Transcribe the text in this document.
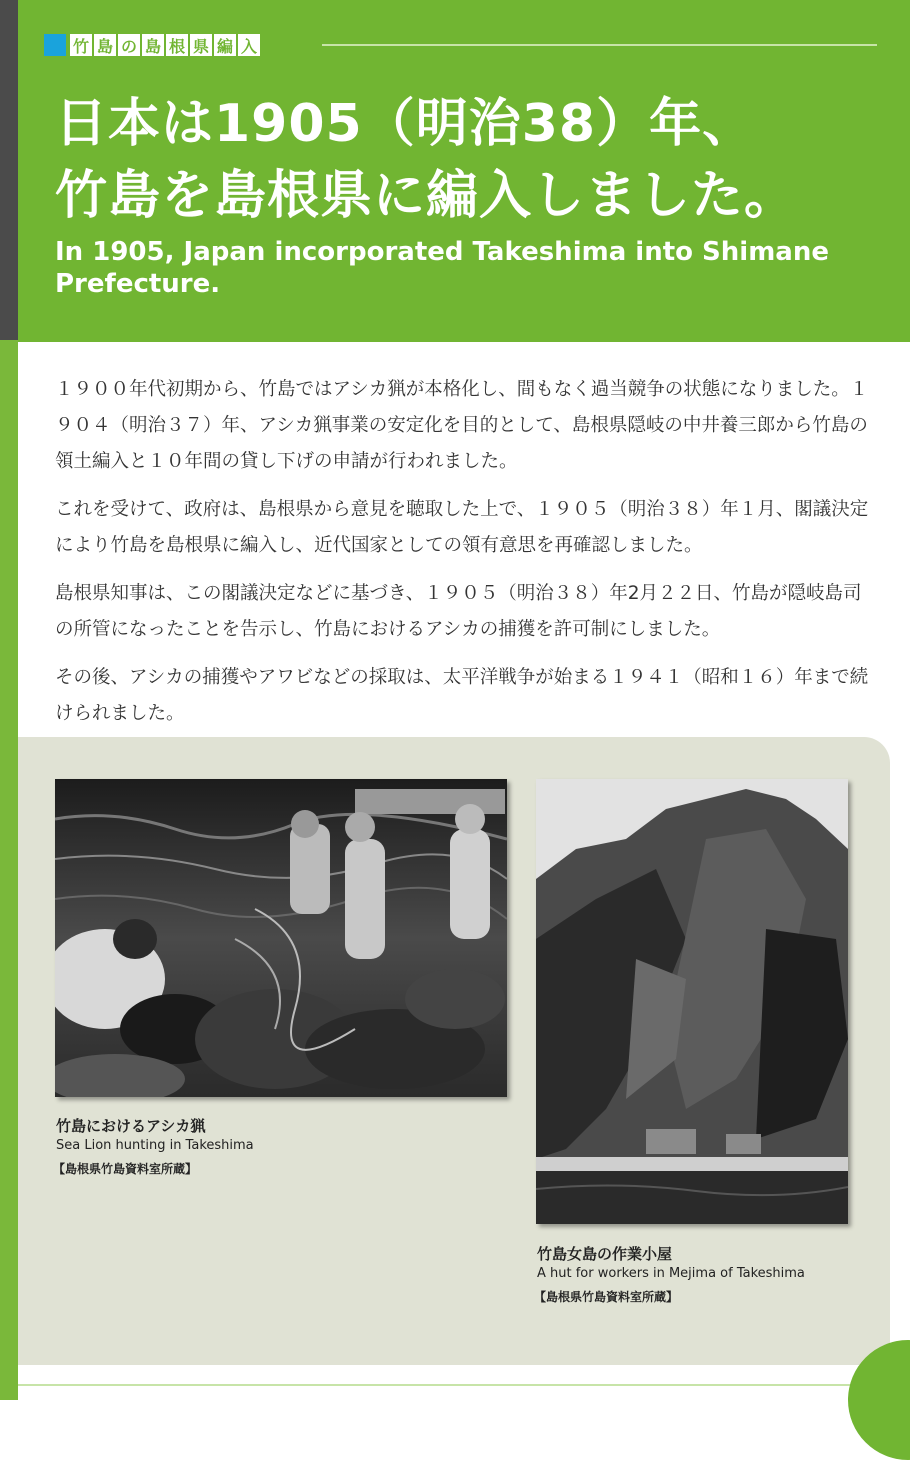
竹 島 の 島 根 県 編 入
日本は1905（明治38）年、
竹島を島根県に編入しました。
In 1905, Japan incorporated Takeshima into Shimane Prefecture.

１９００年代初期から、竹島ではアシカ猟が本格化し、間もなく過当競争の状態になりました。１９０４（明治３７）年、アシカ猟事業の安定化を目的として、島根県隠岐の中井養三郎から竹島の領土編入と１０年間の貸し下げの申請が行われました。

これを受けて、政府は、島根県から意見を聴取した上で、１９０５（明治３８）年１月、閣議決定により竹島を島根県に編入し、近代国家としての領有意思を再確認しました。

島根県知事は、この閣議決定などに基づき、１９０５（明治３８）年2月２２日、竹島が隠岐島司の所管になったことを告示し、竹島におけるアシカの捕獲を許可制にしました。

その後、アシカの捕獲やアワビなどの採取は、太平洋戦争が始まる１９４１（昭和１６）年まで続けられました。

竹島におけるアシカ猟
Sea Lion hunting in Takeshima
【島根県竹島資料室所蔵】
竹島女島の作業小屋
A hut for workers in Mejima of Takeshima
【島根県竹島資料室所蔵】
